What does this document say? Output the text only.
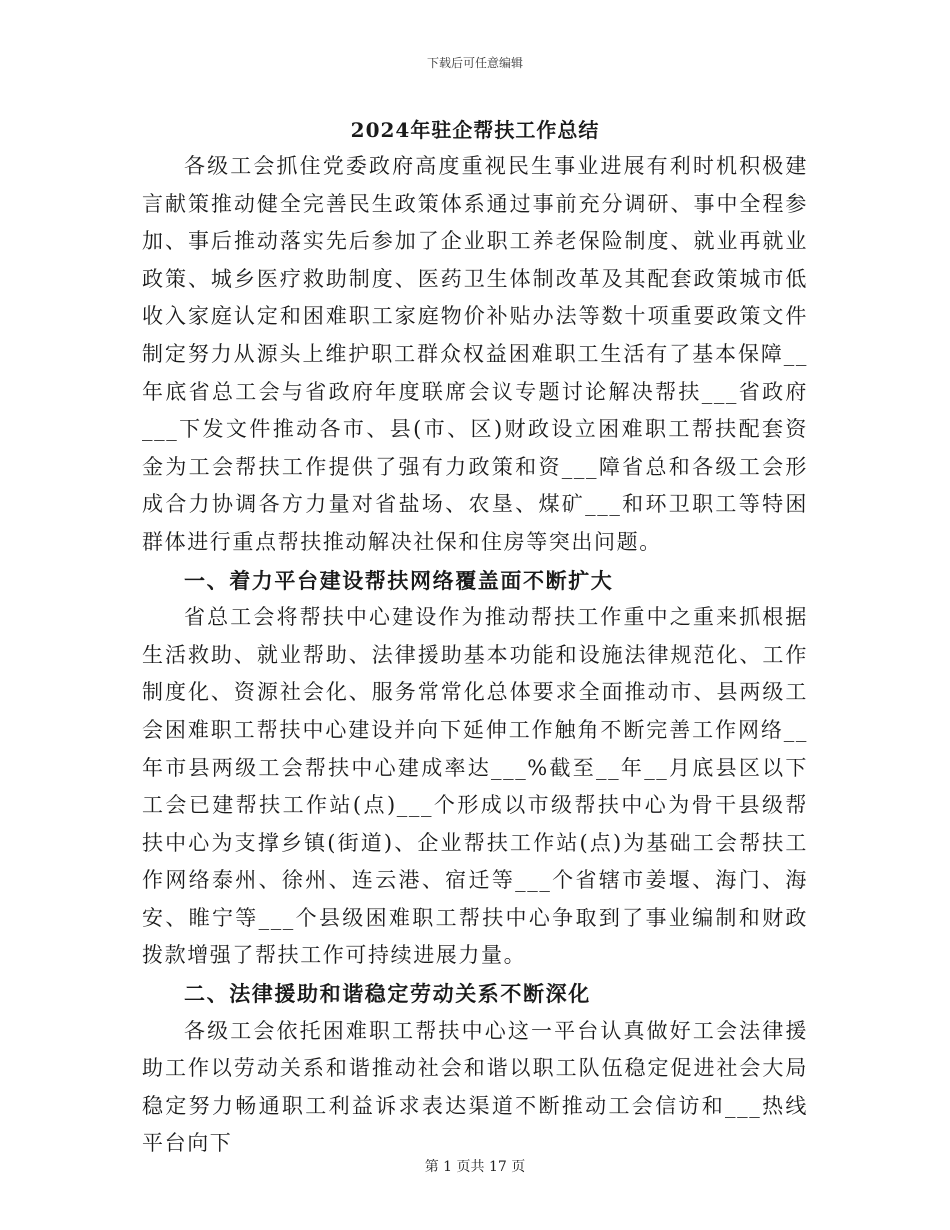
下载后可任意编辑
2024年驻企帮扶工作总结

各级工会抓住党委政府高度重视民生事业进展有利时机积极建言献策推动健全完善民生政策体系通过事前充分调研、事中全程参加、事后推动落实先后参加了企业职工养老保险制度、就业再就业政策、城乡医疗救助制度、医药卫生体制改革及其配套政策城市低收入家庭认定和困难职工家庭物价补贴办法等数十项重要政策文件制定努力从源头上维护职工群众权益困难职工生活有了基本保障__年底省总工会与省政府年度联席会议专题讨论解决帮扶___省政府___下发文件推动各市、县(市、区)财政设立困难职工帮扶配套资金为工会帮扶工作提供了强有力政策和资___障省总和各级工会形成合力协调各方力量对省盐场、农垦、煤矿___和环卫职工等特困群体进行重点帮扶推动解决社保和住房等突出问题。

一、着力平台建设帮扶网络覆盖面不断扩大

省总工会将帮扶中心建设作为推动帮扶工作重中之重来抓根据生活救助、就业帮助、法律援助基本功能和设施法律规范化、工作制度化、资源社会化、服务常常化总体要求全面推动市、县两级工会困难职工帮扶中心建设并向下延伸工作触角不断完善工作网络__年市县两级工会帮扶中心建成率达___%截至__年__月底县区以下工会已建帮扶工作站(点)___个形成以市级帮扶中心为骨干县级帮扶中心为支撑乡镇(街道)、企业帮扶工作站(点)为基础工会帮扶工作网络泰州、徐州、连云港、宿迁等___个省辖市姜堰、海门、海安、睢宁等___个县级困难职工帮扶中心争取到了事业编制和财政拨款增强了帮扶工作可持续进展力量。

二、法律援助和谐稳定劳动关系不断深化

各级工会依托困难职工帮扶中心这一平台认真做好工会法律援助工作以劳动关系和谐推动社会和谐以职工队伍稳定促进社会大局稳定努力畅通职工利益诉求表达渠道不断推动工会信访和___热线平台向下

第 1 页共 17 页
